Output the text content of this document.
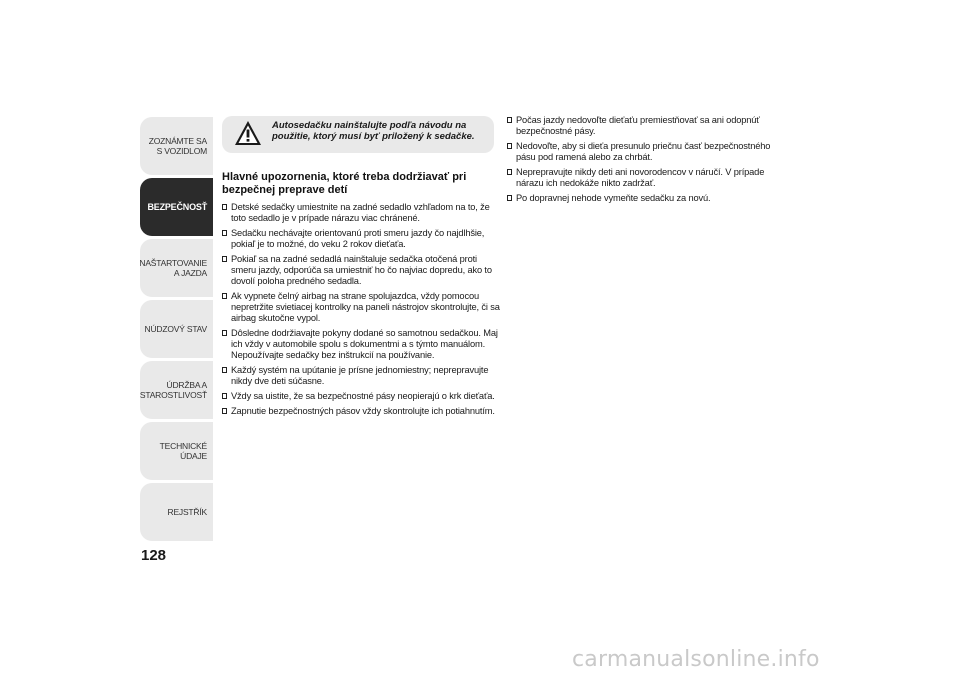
ZOZNÁMTE SA S VOZIDLOM
BEZPEČNOSŤ
NAŠTARTOVANIE A JAZDA
NÚDZOVÝ STAV
ÚDRŽBA A STAROSTLIVOSŤ
TECHNICKÉ ÚDAJE
REJSTŘÍK
128
Autosedačku nainštalujte podľa návodu na použitie, ktorý musí byť priložený k sedačke.
Hlavné upozornenia, ktoré treba dodržiavať pri bezpečnej preprave detí
Detské sedačky umiestnite na zadné sedadlo vzhľadom na to, že toto sedadlo je v prípade nárazu viac chránené.
Sedačku nechávajte orientovanú proti smeru jazdy čo najdlhšie, pokiaľ je to možné, do veku 2 rokov dieťaťa.
Pokiaľ sa na zadné sedadlá nainštaluje sedačka otočená proti smeru jazdy, odporúča sa umiestniť ho čo najviac dopredu, ako to dovolí poloha predného sedadla.
Ak vypnete čelný airbag na strane spolujazdca, vždy pomocou nepretržite svietiacej kontrolky na paneli nástrojov skontrolujte, či sa airbag skutočne vypol.
Dôsledne dodržiavajte pokyny dodané so samotnou sedačkou. Maj ich vždy v automobile spolu s dokumentmi a s týmto manuálom. Nepoužívajte sedačky bez inštrukcií na používanie.
Každý systém na upútanie je prísne jednomiestny; neprepravujte nikdy dve deti súčasne.
Vždy sa uistite, že sa bezpečnostné pásy neopierajú o krk dieťaťa.
Zapnutie bezpečnostných pásov vždy skontrolujte ich potiahnutím.
Počas jazdy nedovoľte dieťaťu premiestňovať sa ani odopnúť bezpečnostné pásy.
Nedovoľte, aby si dieťa presunulo priečnu časť bezpečnostného pásu pod ramená alebo za chrbát.
Neprepravujte nikdy deti ani novorodencov v náručí. V prípade nárazu ich nedokáže nikto zadržať.
Po dopravnej nehode vymeňte sedačku za novú.
carmanualsonline.info
